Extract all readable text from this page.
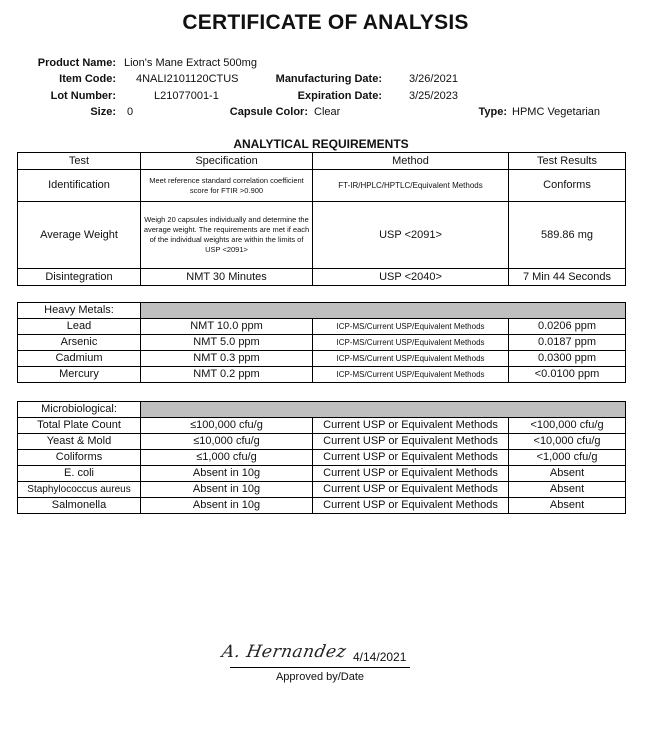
CERTIFICATE OF ANALYSIS
Product Name: Lion's Mane Extract 500mg
Item Code: 4NALI2101120CTUS	Manufacturing Date: 3/26/2021
Lot Number:	L21077001-1	Expiration Date: 3/25/2023
Size: 0	Capsule Color: Clear	Type: HPMC Vegetarian
ANALYTICAL REQUIREMENTS
Test	Specification	Method	Test Results
Identification	Meet reference standard correlation coefficient score for FTIR >0.900	FT-IR/HPLC/HPTLC/Equivalent Methods	Conforms
Average Weight	Weigh 20 capsules individually and determine the average weight. The requirements are met if each of the individual weights are within the limits of USP <2091>	USP <2091>	589.86 mg
Disintegration	NMT 30 Minutes	USP <2040>	7 Min 44 Seconds
Heavy Metals:			
Lead	NMT 10.0 ppm	ICP-MS/Current USP/Equivalent Methods	0.0206 ppm
Arsenic	NMT 5.0 ppm	ICP-MS/Current USP/Equivalent Methods	0.0187 ppm
Cadmium	NMT 0.3 ppm	ICP-MS/Current USP/Equivalent Methods	0.0300 ppm
Mercury	NMT 0.2 ppm	ICP-MS/Current USP/Equivalent Methods	<0.0100 ppm
Microbiological:			
Total Plate Count	≤100,000 cfu/g	Current USP or Equivalent Methods	<100,000 cfu/g
Yeast & Mold	≤10,000 cfu/g	Current USP or Equivalent Methods	<10,000 cfu/g
Coliforms	≤1,000 cfu/g	Current USP or Equivalent Methods	<1,000 cfu/g
E. coli	Absent in 10g	Current USP or Equivalent Methods	Absent
Staphylococcus aureus	Absent in 10g	Current USP or Equivalent Methods	Absent
Salmonella	Absent in 10g	Current USP or Equivalent Methods	Absent
A. Hernandez 4/14/2021
Approved by/Date
